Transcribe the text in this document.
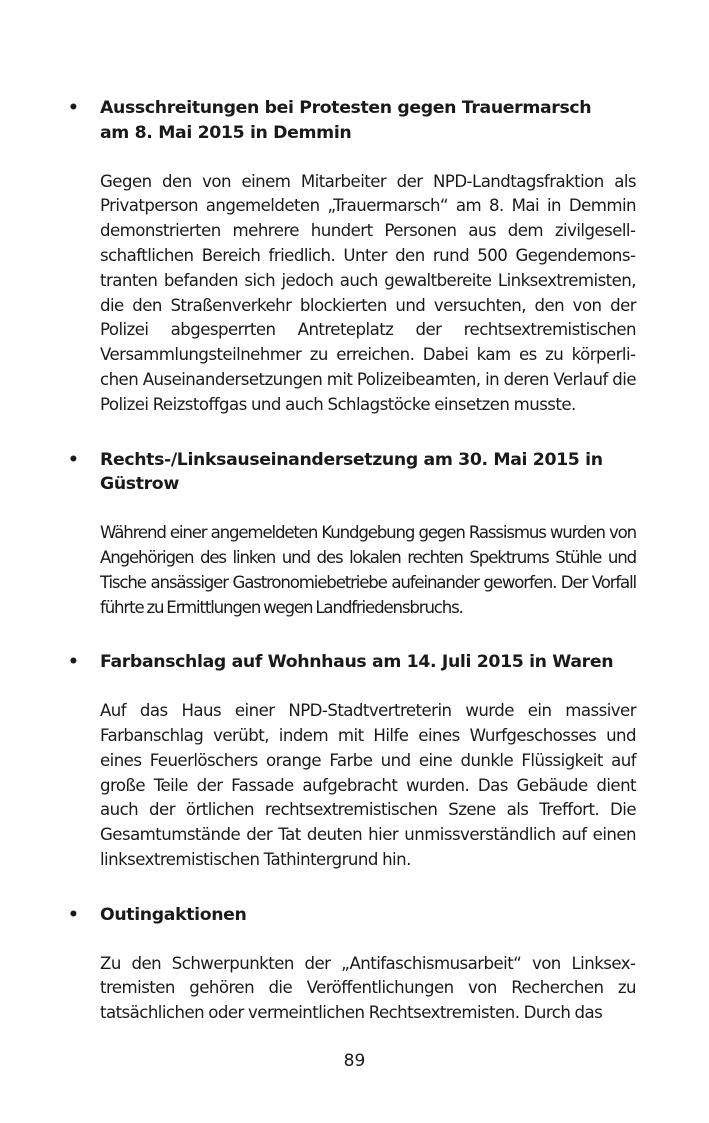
• Ausschreitungen bei Protesten gegen Trauermarsch am 8. Mai 2015 in Demmin

Gegen den von einem Mitarbeiter der NPD-Landtagsfraktion als Privatperson angemeldeten „Trauermarsch“ am 8. Mai in Demmin demonstrierten mehrere hundert Personen aus dem zivilgesellschaftlichen Bereich friedlich. Unter den rund 500 Gegendemonstranten befanden sich jedoch auch gewaltbereite Linksextremisten, die den Straßenverkehr blockierten und versuchten, den von der Polizei abgesperrten Antreteplatz der rechtsextremistischen Versammlungsteilnehmer zu erreichen. Dabei kam es zu körperlichen Auseinandersetzungen mit Polizeibeamten, in deren Verlauf die Polizei Reizstoffgas und auch Schlagstöcke einsetzen musste.

• Rechts-/Linksauseinandersetzung am 30. Mai 2015 in Güstrow

Während einer angemeldeten Kundgebung gegen Rassismus wurden von Angehörigen des linken und des lokalen rechten Spektrums Stühle und Tische ansässiger Gastronomiebetriebe aufeinander geworfen. Der Vorfall führte zu Ermittlungen wegen Landfriedensbruchs.

• Farbanschlag auf Wohnhaus am 14. Juli 2015 in Waren

Auf das Haus einer NPD-Stadtvertreterin wurde ein massiver Farbanschlag verübt, indem mit Hilfe eines Wurfgeschosses und eines Feuerlöschers orange Farbe und eine dunkle Flüssigkeit auf große Teile der Fassade aufgebracht wurden. Das Gebäude dient auch der örtlichen rechtsextremistischen Szene als Treffort. Die Gesamtumstände der Tat deuten hier unmissverständlich auf einen linksextremistischen Tathintergrund hin.

• Outingaktionen

Zu den Schwerpunkten der „Antifaschismusarbeit“ von Linksextremisten gehören die Veröffentlichungen von Recherchen zu tatsächlichen oder vermeintlichen Rechtsextremisten. Durch das

89
